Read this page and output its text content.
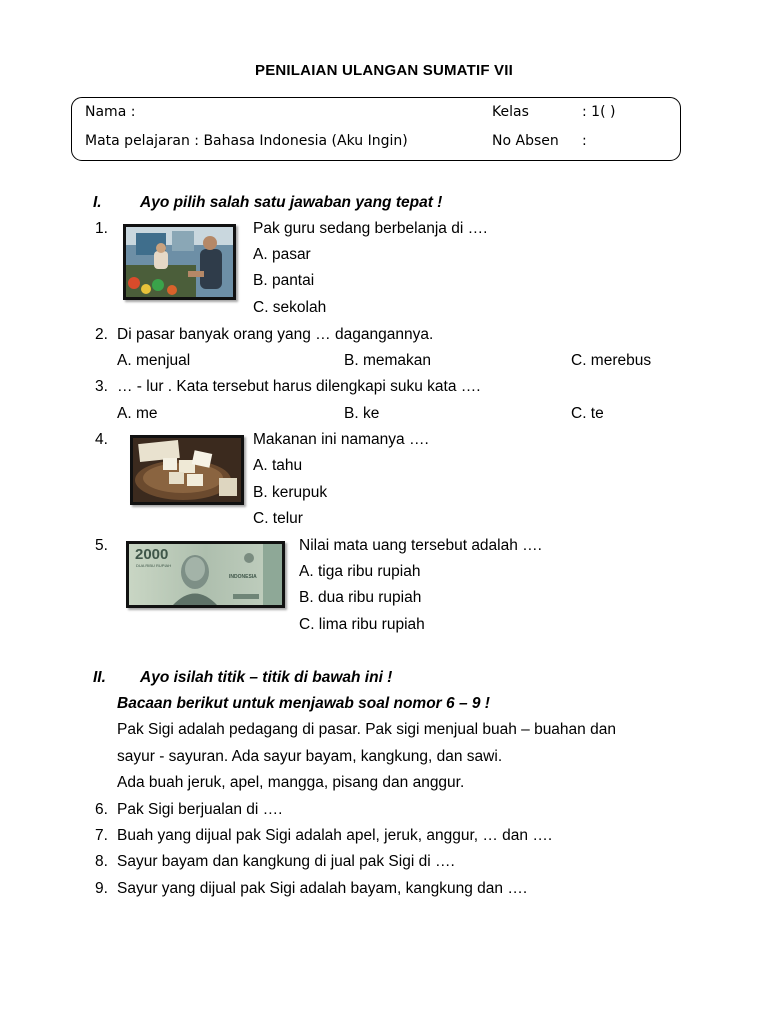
PENILAIAN ULANGAN SUMATIF VII
Nama :	Kelas	: 1( )
Mata pelajaran : Bahasa Indonesia (Aku Ingin)	No Absen :
I. Ayo pilih salah satu jawaban yang tepat !
1.	Pak guru sedang berbelanja di ….
A. pasar
B. pantai
C. sekolah
2. Di pasar banyak orang yang … dagangannya.
A. menjual	B. memakan	C. merebus
3. … - lur . Kata tersebut harus dilengkapi suku kata ….
A. me	B. ke	C. te
4.	Makanan ini namanya ….
A. tahu
B. kerupuk
C. telur
5.
2000
DUA RIBU RUPIAH
INDONESIA
Nilai mata uang tersebut adalah ….
A. tiga ribu rupiah
B. dua ribu rupiah
C. lima ribu rupiah
II. Ayo isilah titik – titik di bawah ini !
Bacaan berikut untuk menjawab soal nomor 6 – 9 !
Pak Sigi adalah pedagang di pasar. Pak sigi menjual buah – buahan dan
sayur - sayuran. Ada sayur bayam, kangkung, dan sawi.
Ada buah jeruk, apel, mangga, pisang dan anggur.
6. Pak Sigi berjualan di ….
7. Buah yang dijual pak Sigi adalah apel, jeruk, anggur, … dan ….
8. Sayur bayam dan kangkung di jual pak Sigi di ….
9. Sayur yang dijual pak Sigi adalah bayam, kangkung dan ….
